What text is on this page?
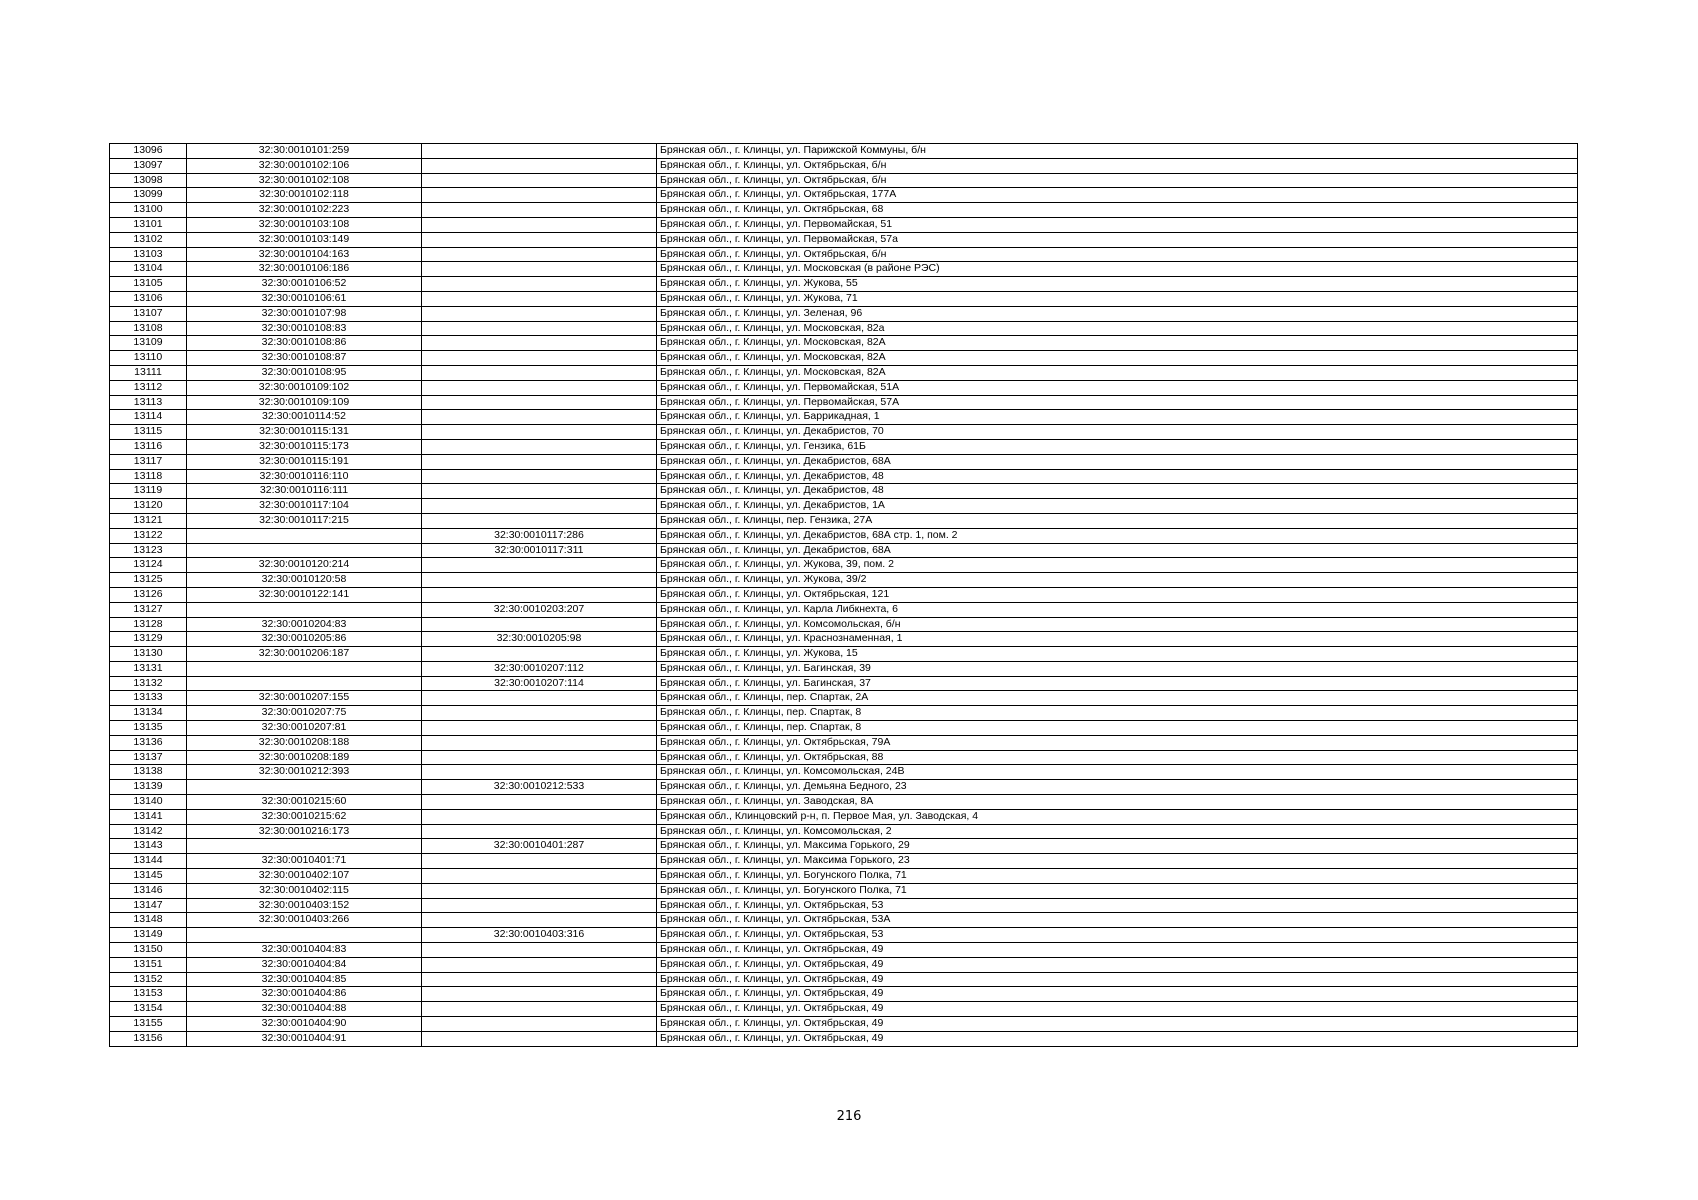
13096	32:30:0010101:259		Брянская обл., г. Клинцы, ул. Парижской Коммуны, б/н
13097	32:30:0010102:106		Брянская обл., г. Клинцы, ул. Октябрьская, б/н
13098	32:30:0010102:108		Брянская обл., г. Клинцы, ул. Октябрьская, б/н
13099	32:30:0010102:118		Брянская обл., г. Клинцы, ул. Октябрьская, 177А
13100	32:30:0010102:223		Брянская обл., г. Клинцы, ул. Октябрьская, 68
13101	32:30:0010103:108		Брянская обл., г. Клинцы, ул. Первомайская, 51
13102	32:30:0010103:149		Брянская обл., г. Клинцы, ул. Первомайская, 57а
13103	32:30:0010104:163		Брянская обл., г. Клинцы, ул. Октябрьская, б/н
13104	32:30:0010106:186		Брянская обл., г. Клинцы, ул. Московская (в районе РЭС)
13105	32:30:0010106:52		Брянская обл., г. Клинцы, ул. Жукова, 55
13106	32:30:0010106:61		Брянская обл., г. Клинцы, ул. Жукова, 71
13107	32:30:0010107:98		Брянская обл., г. Клинцы, ул. Зеленая, 96
13108	32:30:0010108:83		Брянская обл., г. Клинцы, ул. Московская, 82а
13109	32:30:0010108:86		Брянская обл., г. Клинцы, ул. Московская, 82А
13110	32:30:0010108:87		Брянская обл., г. Клинцы, ул. Московская, 82А
13111	32:30:0010108:95		Брянская обл., г. Клинцы, ул. Московская, 82А
13112	32:30:0010109:102		Брянская обл., г. Клинцы, ул. Первомайская, 51А
13113	32:30:0010109:109		Брянская обл., г. Клинцы, ул. Первомайская, 57А
13114	32:30:0010114:52		Брянская обл., г. Клинцы, ул. Баррикадная, 1
13115	32:30:0010115:131		Брянская обл., г. Клинцы, ул. Декабристов, 70
13116	32:30:0010115:173		Брянская обл., г. Клинцы, ул. Гензика, 61Б
13117	32:30:0010115:191		Брянская обл., г. Клинцы, ул. Декабристов, 68А
13118	32:30:0010116:110		Брянская обл., г. Клинцы, ул. Декабристов, 48
13119	32:30:0010116:111		Брянская обл., г. Клинцы, ул. Декабристов, 48
13120	32:30:0010117:104		Брянская обл., г. Клинцы, ул. Декабристов, 1А
13121	32:30:0010117:215		Брянская обл., г. Клинцы, пер. Гензика, 27А
13122		32:30:0010117:286	Брянская обл., г. Клинцы, ул. Декабристов, 68А стр. 1, пом. 2
13123		32:30:0010117:311	Брянская обл., г. Клинцы, ул. Декабристов, 68А
13124	32:30:0010120:214		Брянская обл., г. Клинцы, ул. Жукова, 39, пом. 2
13125	32:30:0010120:58		Брянская обл., г. Клинцы, ул. Жукова, 39/2
13126	32:30:0010122:141		Брянская обл., г. Клинцы, ул. Октябрьская, 121
13127		32:30:0010203:207	Брянская обл., г. Клинцы, ул. Карла Либкнехта, 6
13128	32:30:0010204:83		Брянская обл., г. Клинцы, ул. Комсомольская, б/н
13129	32:30:0010205:86	32:30:0010205:98	Брянская обл., г. Клинцы, ул. Краснознаменная, 1
13130	32:30:0010206:187		Брянская обл., г. Клинцы, ул. Жукова, 15
13131		32:30:0010207:112	Брянская обл., г. Клинцы, ул. Багинская, 39
13132		32:30:0010207:114	Брянская обл., г. Клинцы, ул. Багинская, 37
13133	32:30:0010207:155		Брянская обл., г. Клинцы, пер. Спартак, 2А
13134	32:30:0010207:75		Брянская обл., г. Клинцы, пер. Спартак, 8
13135	32:30:0010207:81		Брянская обл., г. Клинцы, пер. Спартак, 8
13136	32:30:0010208:188		Брянская обл., г. Клинцы, ул. Октябрьская, 79А
13137	32:30:0010208:189		Брянская обл., г. Клинцы, ул. Октябрьская, 88
13138	32:30:0010212:393		Брянская обл., г. Клинцы, ул. Комсомольская, 24В
13139		32:30:0010212:533	Брянская обл., г. Клинцы, ул. Демьяна Бедного, 23
13140	32:30:0010215:60		Брянская обл., г. Клинцы, ул. Заводская, 8А
13141	32:30:0010215:62		Брянская обл., Клинцовский р-н, п. Первое Мая, ул. Заводская, 4
13142	32:30:0010216:173		Брянская обл., г. Клинцы, ул. Комсомольская, 2
13143		32:30:0010401:287	Брянская обл., г. Клинцы, ул. Максима Горького, 29
13144	32:30:0010401:71		Брянская обл., г. Клинцы, ул. Максима Горького, 23
13145	32:30:0010402:107		Брянская обл., г. Клинцы, ул. Богунского Полка, 71
13146	32:30:0010402:115		Брянская обл., г. Клинцы, ул. Богунского Полка, 71
13147	32:30:0010403:152		Брянская обл., г. Клинцы, ул. Октябрьская, 53
13148	32:30:0010403:266		Брянская обл., г. Клинцы, ул. Октябрьская, 53А
13149		32:30:0010403:316	Брянская обл., г. Клинцы, ул. Октябрьская, 53
13150	32:30:0010404:83		Брянская обл., г. Клинцы, ул. Октябрьская, 49
13151	32:30:0010404:84		Брянская обл., г. Клинцы, ул. Октябрьская, 49
13152	32:30:0010404:85		Брянская обл., г. Клинцы, ул. Октябрьская, 49
13153	32:30:0010404:86		Брянская обл., г. Клинцы, ул. Октябрьская, 49
13154	32:30:0010404:88		Брянская обл., г. Клинцы, ул. Октябрьская, 49
13155	32:30:0010404:90		Брянская обл., г. Клинцы, ул. Октябрьская, 49
13156	32:30:0010404:91		Брянская обл., г. Клинцы, ул. Октябрьская, 49
216
